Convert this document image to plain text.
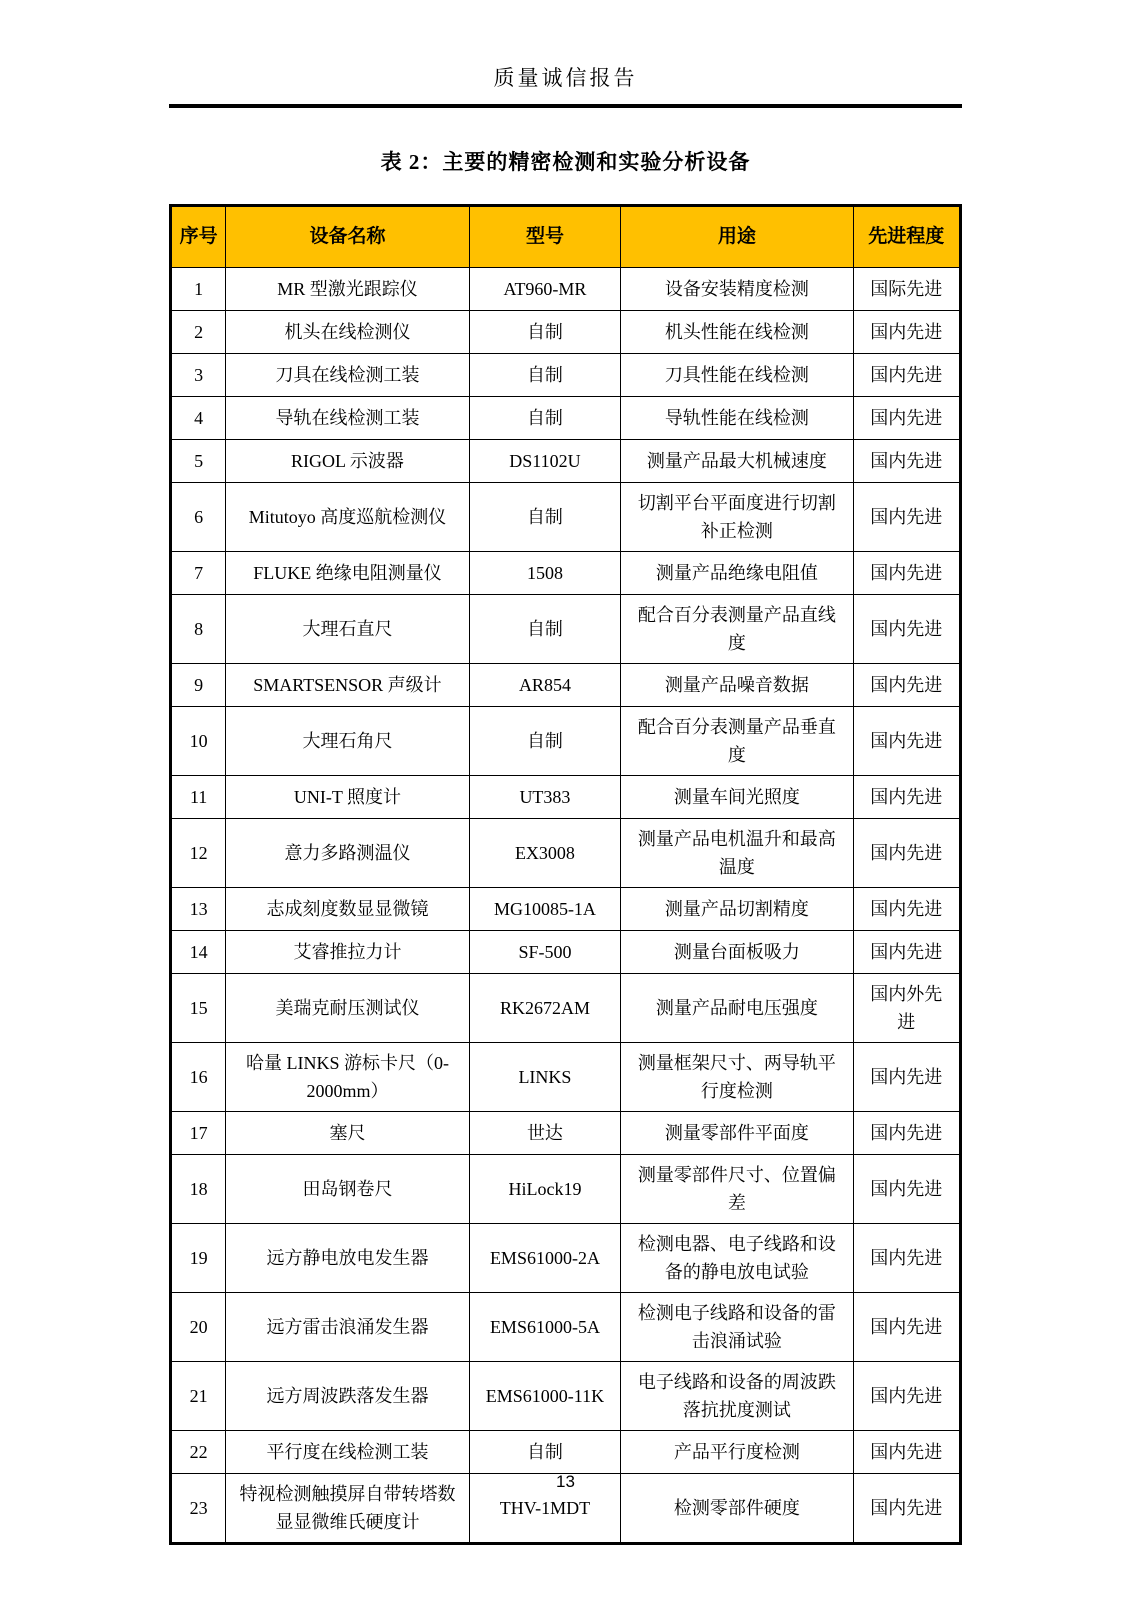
质量诚信报告
表 2：主要的精密检测和实验分析设备
序号	设备名称	型号	用途	先进程度
1	MR 型激光跟踪仪	AT960-MR	设备安装精度检测	国际先进
2	机头在线检测仪	自制	机头性能在线检测	国内先进
3	刀具在线检测工装	自制	刀具性能在线检测	国内先进
4	导轨在线检测工装	自制	导轨性能在线检测	国内先进
5	RIGOL 示波器	DS1102U	测量产品最大机械速度	国内先进
6	Mitutoyo 高度巡航检测仪	自制	切割平台平面度进行切割补正检测	国内先进
7	FLUKE 绝缘电阻测量仪	1508	测量产品绝缘电阻值	国内先进
8	大理石直尺	自制	配合百分表测量产品直线度	国内先进
9	SMARTSENSOR 声级计	AR854	测量产品噪音数据	国内先进
10	大理石角尺	自制	配合百分表测量产品垂直度	国内先进
11	UNI-T 照度计	UT383	测量车间光照度	国内先进
12	意力多路测温仪	EX3008	测量产品电机温升和最高温度	国内先进
13	志成刻度数显显微镜	MG10085-1A	测量产品切割精度	国内先进
14	艾睿推拉力计	SF-500	测量台面板吸力	国内先进
15	美瑞克耐压测试仪	RK2672AM	测量产品耐电压强度	国内外先进
16	哈量 LINKS 游标卡尺（0-2000mm）	LINKS	测量框架尺寸、两导轨平行度检测	国内先进
17	塞尺	世达	测量零部件平面度	国内先进
18	田岛钢卷尺	HiLock19	测量零部件尺寸、位置偏差	国内先进
19	远方静电放电发生器	EMS61000-2A	检测电器、电子线路和设备的静电放电试验	国内先进
20	远方雷击浪涌发生器	EMS61000-5A	检测电子线路和设备的雷击浪涌试验	国内先进
21	远方周波跌落发生器	EMS61000-11K	电子线路和设备的周波跌落抗扰度测试	国内先进
22	平行度在线检测工装	自制	产品平行度检测	国内先进
23	特视检测触摸屏自带转塔数显显微维氏硬度计	THV-1MDT	检测零部件硬度	国内先进
13
